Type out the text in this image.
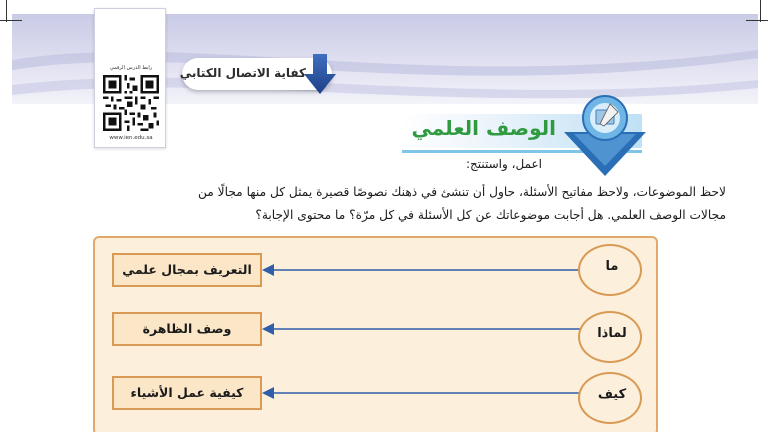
رابط الدرس الرقمي
www.ien.edu.sa
كفاية الاتصال الكتابي
الوصف العلمي
اعمل، واستنتج:
لاحظ الموضوعات، ولاحظ مفاتيح الأسئلة، حاول أن تنشئ في ذهنك نصوصًا قصيرة يمثل كل منها مجالًا من
مجالات الوصف العلمي. هل أجابت موضوعاتك عن كل الأسئلة في كل مرّة؟ ما محتوى الإجابة؟
التعريف بمجال علمي	ما
وصف الظاهرة	لماذا
كيفية عمل الأشياء	كيف
